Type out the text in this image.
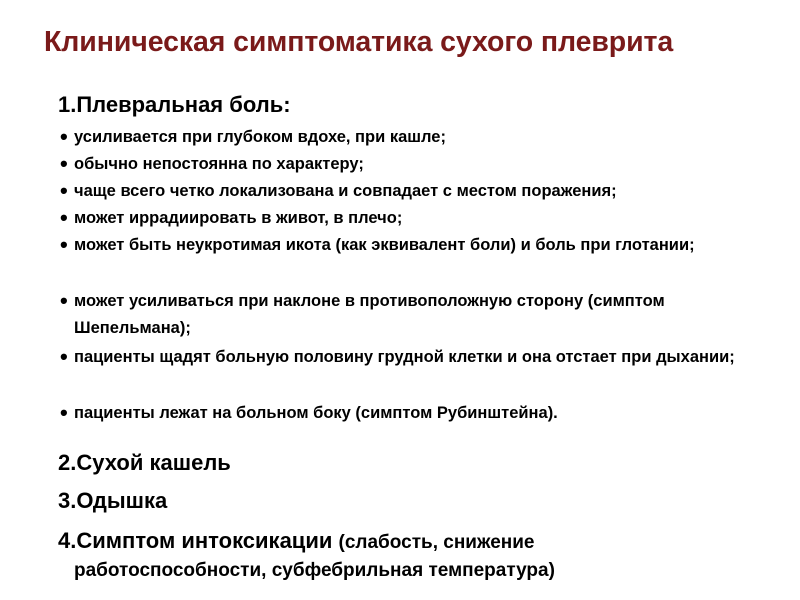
Клиническая симптоматика сухого плеврита
1.Плевральная боль:
• усиливается при глубоком вдохе, при кашле;
• обычно непостоянна по характеру;
• чаще всего четко локализована и совпадает с местом поражения;
• может иррадиировать в живот, в плечо;
• может быть неукротимая икота (как эквивалент боли) и боль при глотании;
• может усиливаться при наклоне в противоположную сторону (симптом Шепельмана);
• пациенты щадят больную половину грудной клетки и она отстает при дыхании;
• пациенты лежат на больном боку (симптом Рубинштейна).
2.Сухой кашель
3.Одышка
4.Симптом интоксикации (слабость, снижение
работоспособности, субфебрильная температура)
